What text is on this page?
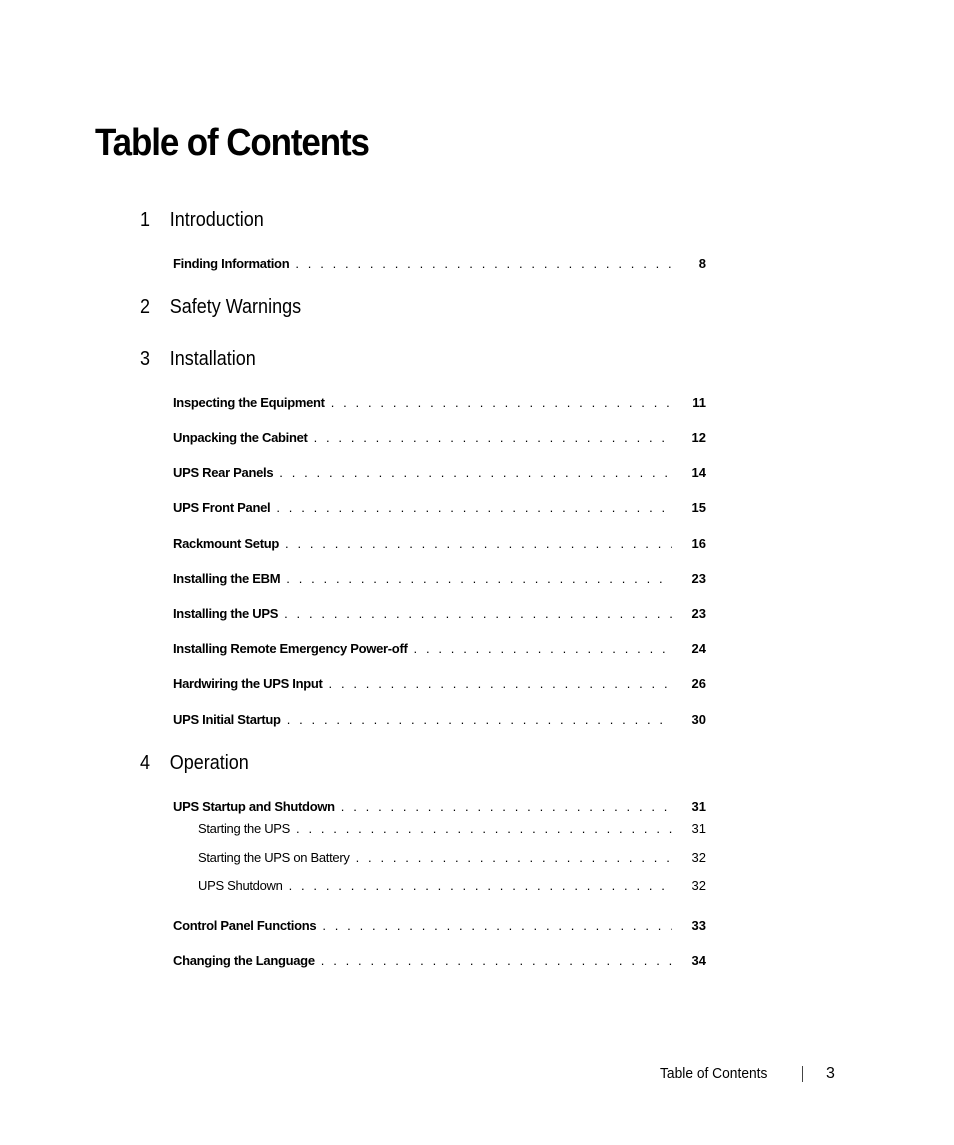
Table of Contents
1 Introduction
Finding Information . . .	8
2 Safety Warnings
3 Installation
Inspecting the Equipment . . .	11
Unpacking the Cabinet . . .	12
UPS Rear Panels . . .	14
UPS Front Panel . . .	15
Rackmount Setup . . .	16
Installing the EBM . . .	23
Installing the UPS . . .	23
Installing Remote Emergency Power-off . . .	24
Hardwiring the UPS Input . . .	26
UPS Initial Startup . . .	30
4 Operation
UPS Startup and Shutdown . . .	31
Starting the UPS . . .	31
Starting the UPS on Battery . . .	32
UPS Shutdown . . .	32
Control Panel Functions . . .	33
Changing the Language . . .	34
Table of Contents	3
